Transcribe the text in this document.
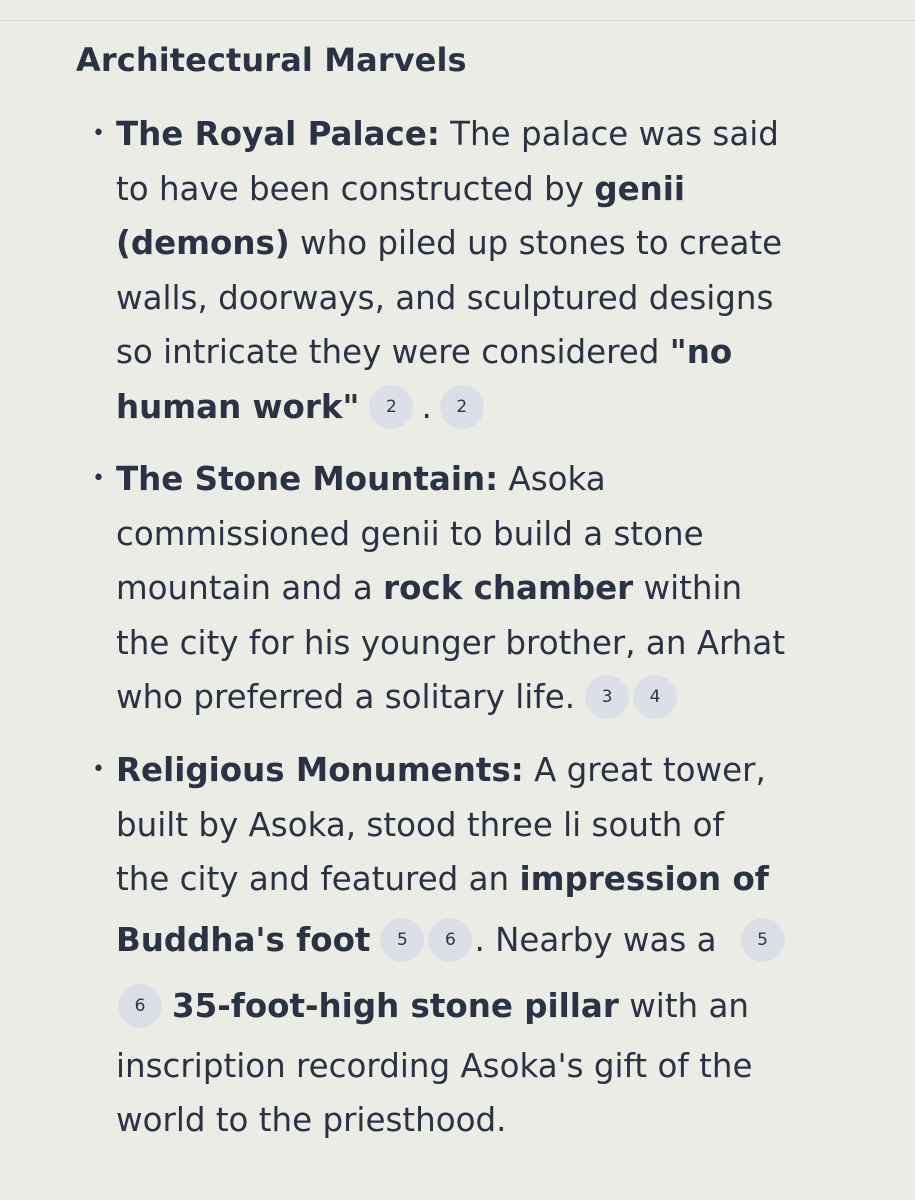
Architectural Marvels
• The Royal Palace: The palace was said
to have been constructed by genii
(demons) who piled up stones to create
walls, doorways, and sculptured designs
so intricate they were considered "no
human work" 2 . 2
• The Stone Mountain: Asoka
commissioned genii to build a stone
mountain and a rock chamber within
the city for his younger brother, an Arhat
who preferred a solitary life. 3 4
• Religious Monuments: A great tower,
built by Asoka, stood three li south of
the city and featured an impression of
Buddha's foot 5 6 . Nearby was a 5
6 35-foot-high stone pillar with an
inscription recording Asoka's gift of the
world to the priesthood.
